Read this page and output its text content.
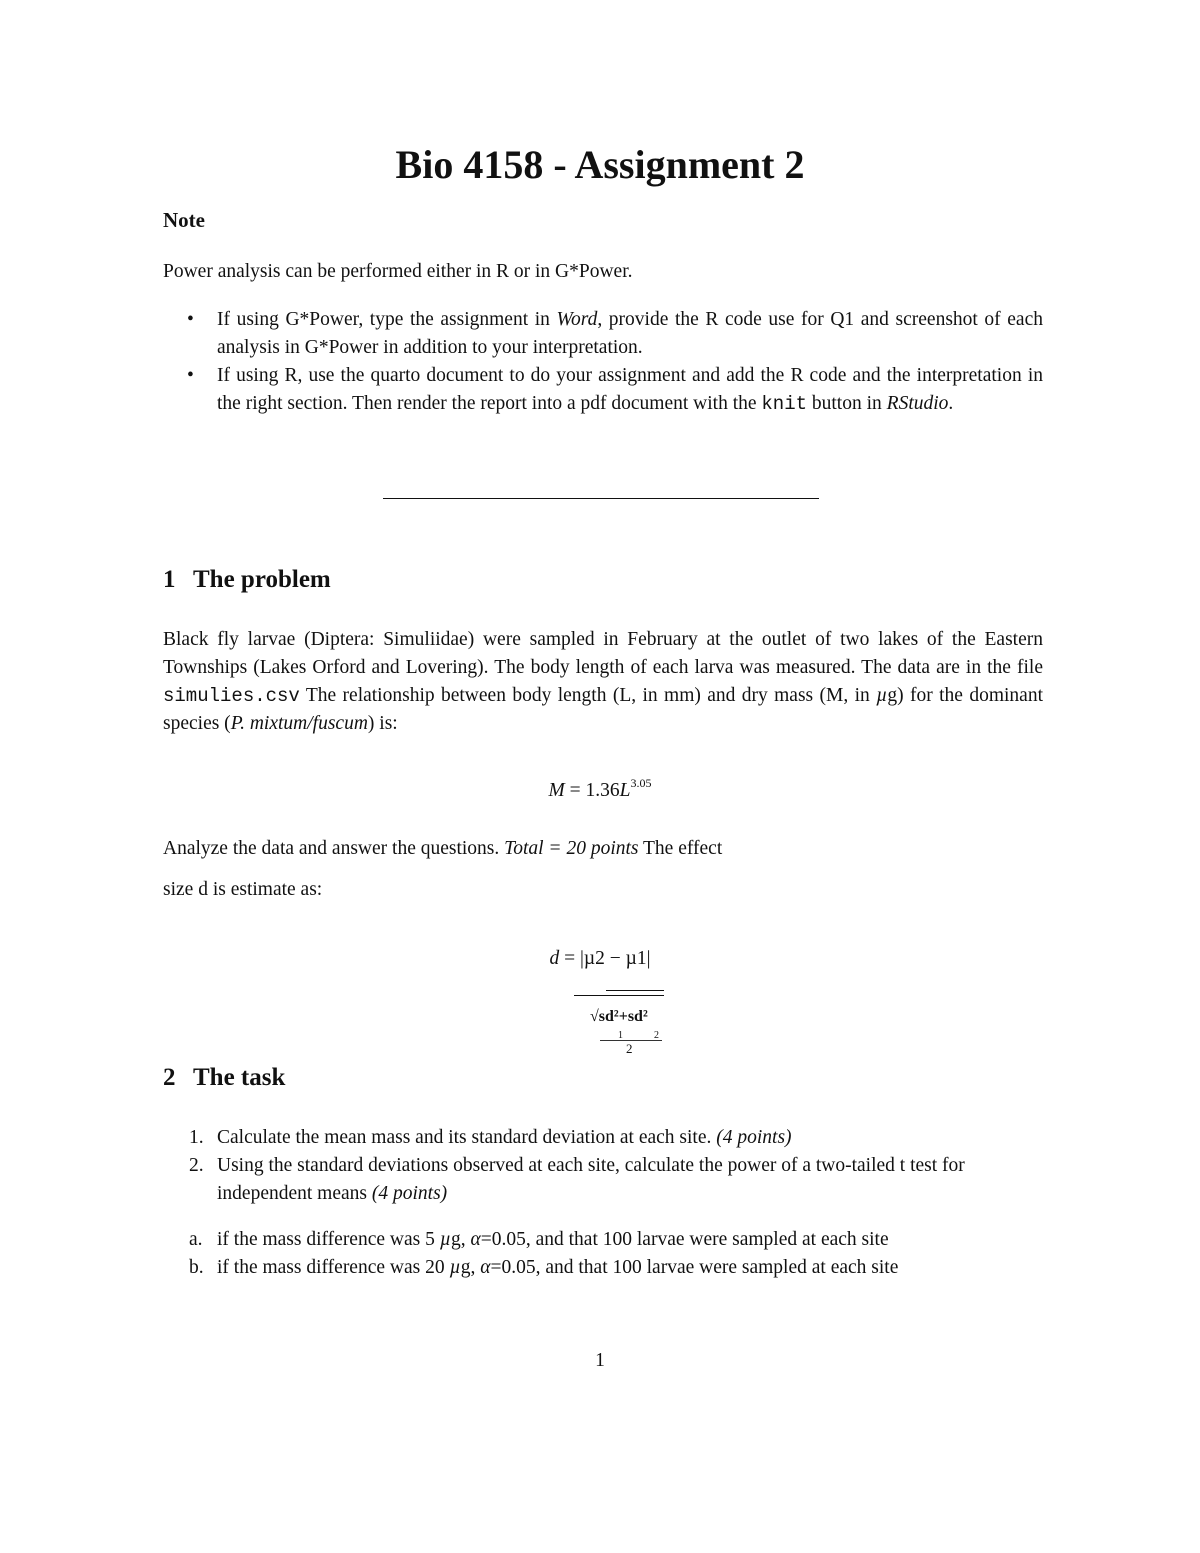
Bio 4158 - Assignment 2
Note
Power analysis can be performed either in R or in G*Power.
• If using G*Power, type the assignment in Word, provide the R code use for Q1 and screenshot of each analysis in G*Power in addition to your interpretation.
• If using R, use the quarto document to do your assignment and add the R code and the interpretation in the right section. Then render the report into a pdf document with the knit button in RStudio.
1 The problem
Black fly larvae (Diptera: Simuliidae) were sampled in February at the outlet of two lakes of the Eastern Townships (Lakes Orford and Lovering). The body length of each larva was measured. The data are in the file simulies.csv The relationship between body length (L, in mm) and dry mass (M, in µg) for the dominant species (P. mixtum/fuscum) is:
$M = 1.36L^{3.05}$
Analyze the data and answer the questions. Total = 20 points The effect
size d is estimate as:
d = |µ2 − µ1|
√sd²+sd²
1	2
2
2 The task
1. Calculate the mean mass and its standard deviation at each site. (4 points)
2. Using the standard deviations observed at each site, calculate the power of a two-tailed t test for independent means (4 points)
a. if the mass difference was 5 µg, α=0.05, and that 100 larvae were sampled at each site
b. if the mass difference was 20 µg, α=0.05, and that 100 larvae were sampled at each site
1
